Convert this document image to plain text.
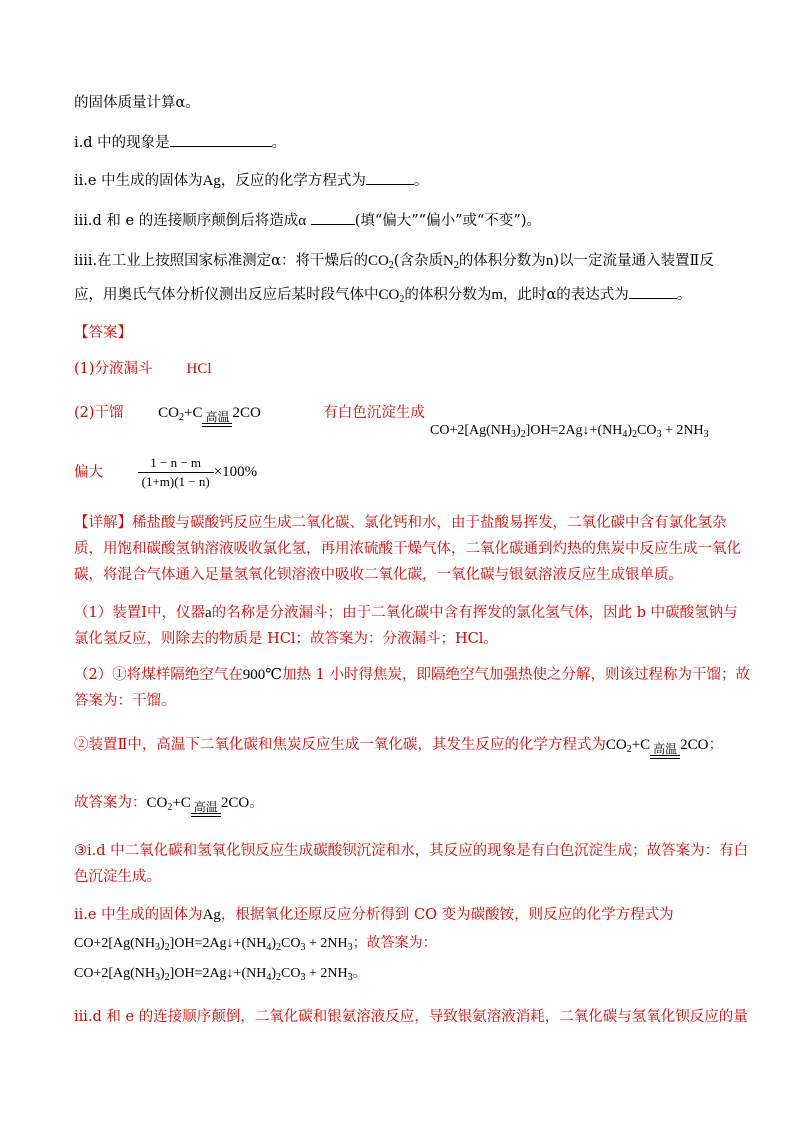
的固体质量计算α。
i.d 中的现象是	。
ii.e 中生成的固体为Ag，反应的化学方程式为	。
iii.d 和 e 的连接顺序颠倒后将造成α	(填“偏大”“偏小”或“不变”)。
iiii.在工业上按照国家标准测定α：将干燥后的$CO_2$(含杂质$N_2$的体积分数为n)以一定流量通入装置Ⅱ反
应，用奥氏气体分析仪测出反应后某时段气体中$CO_2$的体积分数为m，此时α的表达式为	。
【答案】
(1)分液漏斗 HCl
(2)干馏 $CO_2+C$ 高温 2CO	有白色沉淀生成
$CO+2[Ag(NH_3)_2]OH=2Ag↓+(NH_4)_2CO_3 + 2NH_3$
偏大	$\frac{1 - n - m}{(1+m)(1 - n)} \times 100\%$
【详解】稀盐酸与碳酸钙反应生成二氧化碳、氯化钙和水，由于盐酸易挥发，二氧化碳中含有氯化氢杂
质，用饱和碳酸氢钠溶液吸收氯化氢，再用浓硫酸干燥气体，二氧化碳通到灼热的焦炭中反应生成一氧化
碳，将混合气体通入足量氢氧化钡溶液中吸收二氧化碳，一氧化碳与银氨溶液反应生成银单质。
（1）装置Ⅰ中，仪器a的名称是分液漏斗；由于二氧化碳中含有挥发的氯化氢气体，因此 b 中碳酸氢钠与
氯化氢反应，则除去的物质是 HCl；故答案为：分液漏斗；HCl。
（2）①将煤样隔绝空气在900℃加热 1 小时得焦炭，即隔绝空气加强热使之分解，则该过程称为干馏；故
答案为：干馏。
②装置Ⅱ中，高温下二氧化碳和焦炭反应生成一氧化碳，其发生反应的化学方程式为$CO_2+C$ 高温 2CO；
故答案为：$CO_2+C$ 高温 2CO。
③i.d 中二氧化碳和氢氧化钡反应生成碳酸钡沉淀和水，其反应的现象是有白色沉淀生成；故答案为：有白
色沉淀生成。
ii.e 中生成的固体为Ag，根据氧化还原反应分析得到 CO 变为碳酸铵，则反应的化学方程式为
$CO+2[Ag(NH_3)_2]OH=2Ag↓+(NH_4)_2CO_3 + 2NH_3$；故答案为：
$CO+2[Ag(NH_3)_2]OH=2Ag↓+(NH_4)_2CO_3 + 2NH_3$。
iii.d 和 e 的连接顺序颠倒，二氧化碳和银氨溶液反应，导致银氨溶液消耗，二氧化碳与氢氧化钡反应的量
